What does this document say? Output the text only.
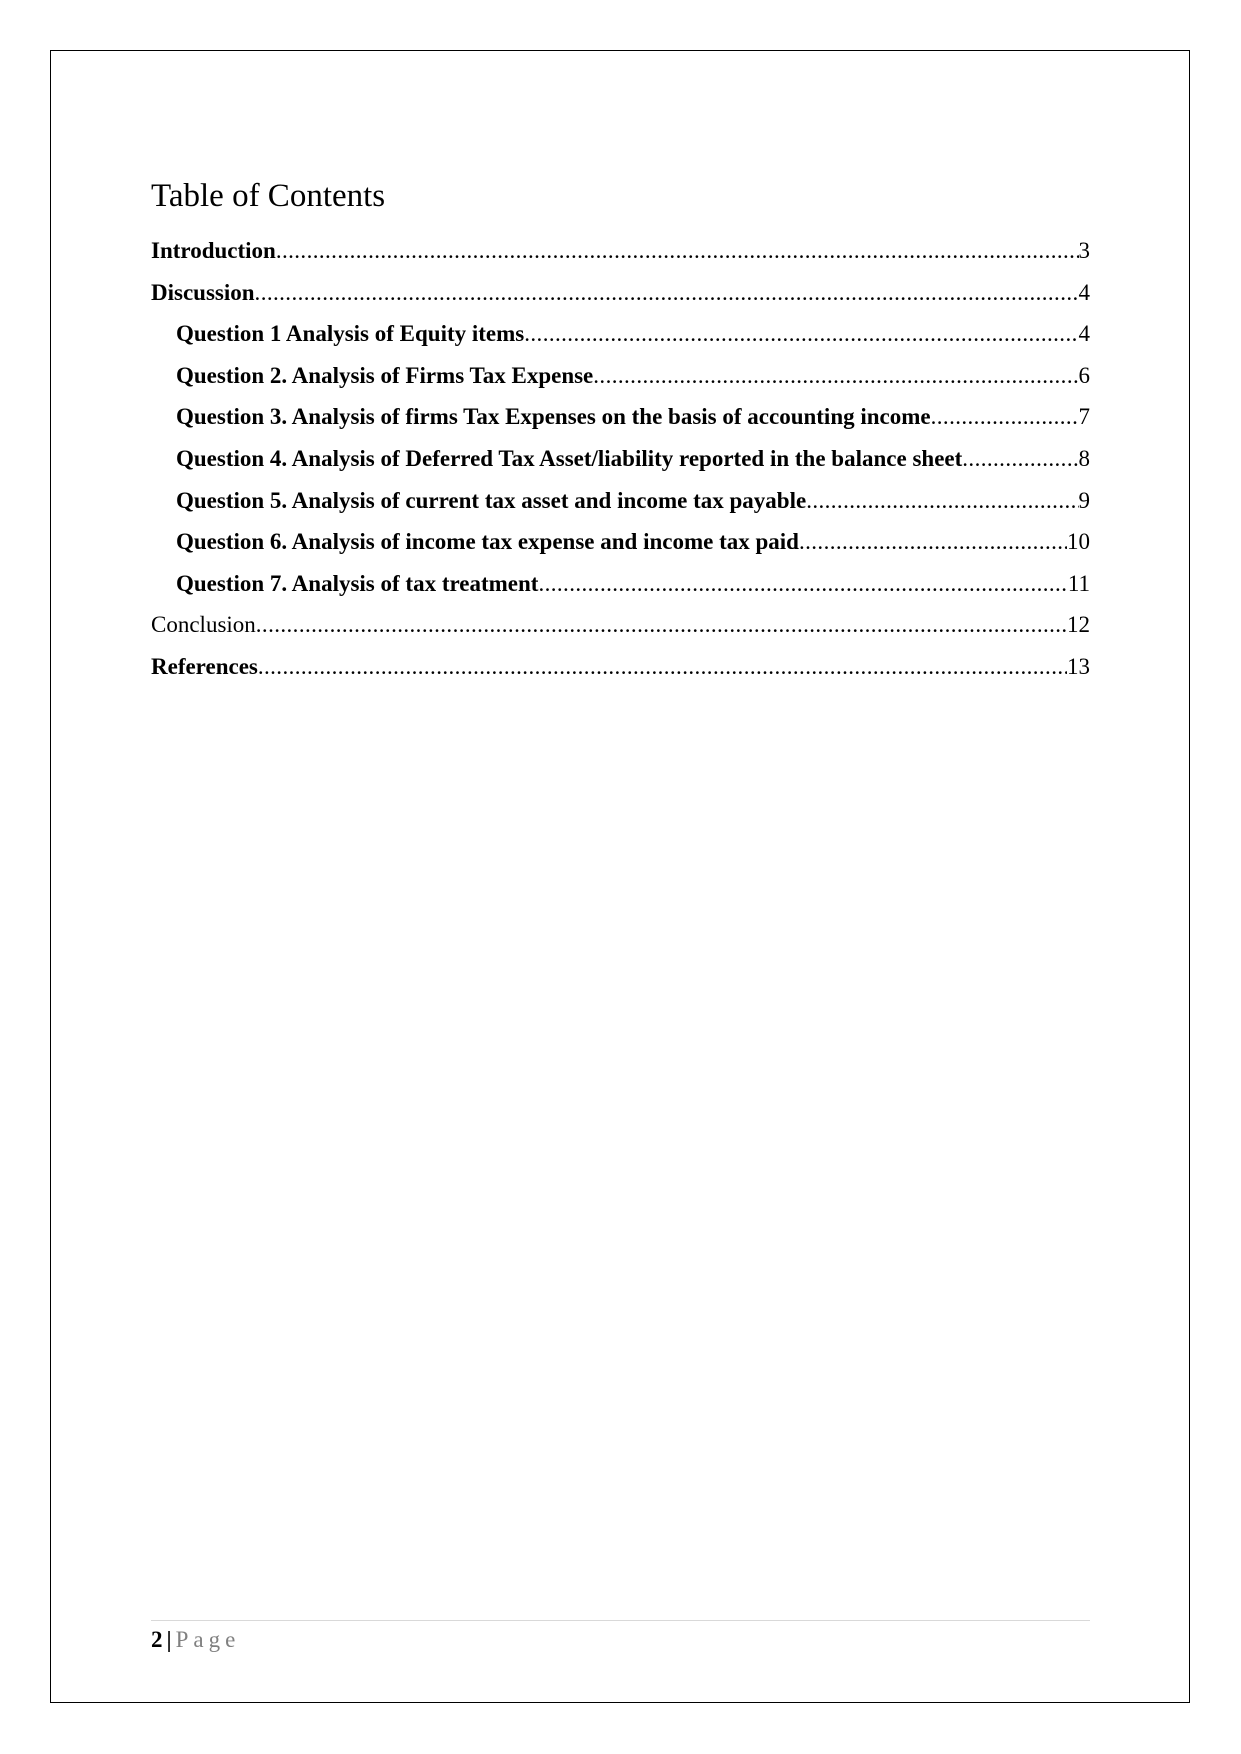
Table of Contents
Introduction .....	3
Discussion .....	4
Question 1 Analysis of Equity items .....	4
Question 2. Analysis of Firms Tax Expense .....	6
Question 3. Analysis of firms Tax Expenses on the basis of accounting income .....	7
Question 4. Analysis of Deferred Tax Asset/liability reported in the balance sheet .....	8
Question 5. Analysis of current tax asset and income tax payable .....	9
Question 6. Analysis of income tax expense and income tax paid .....	10
Question 7. Analysis of tax treatment .....	11
Conclusion .....	12
References .....	13
2 | Page
